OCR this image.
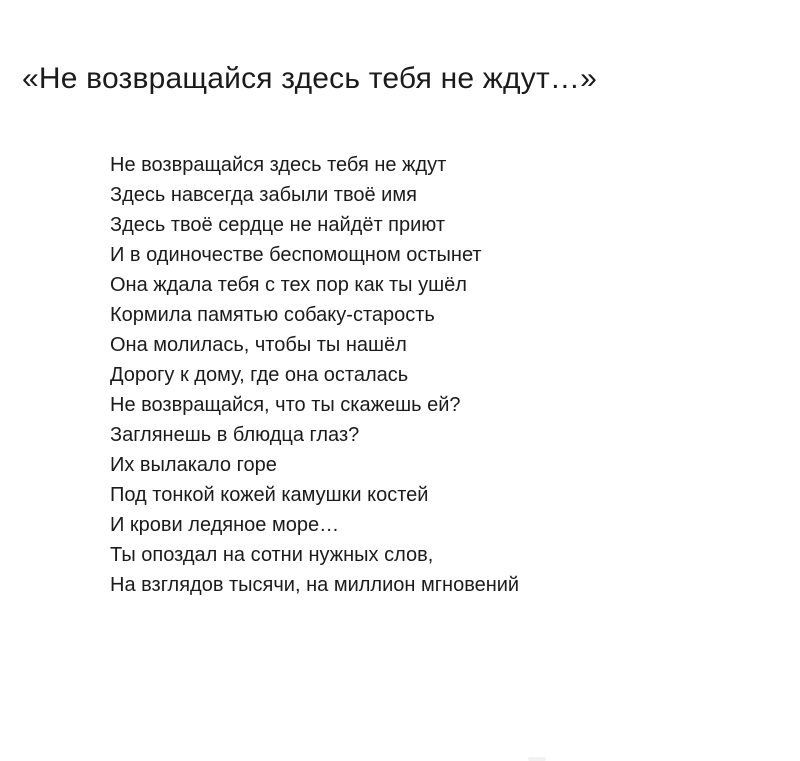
«Не возвращайся здесь тебя не ждут…»
Не возвращайся здесь тебя не ждут
Здесь навсегда забыли твоё имя
Здесь твоё сердце не найдёт приют
И в одиночестве беспомощном остынет
Она ждала тебя с тех пор как ты ушёл
Кормила памятью собаку-старость
Она молилась, чтобы ты нашёл
Дорогу к дому, где она осталась
Не возвращайся, что ты скажешь ей?
Заглянешь в блюдца глаз?
Их вылакало горе
Под тонкой кожей камушки костей
И крови ледяное море…
Ты опоздал на сотни нужных слов,
На взглядов тысячи, на миллион мгновений
